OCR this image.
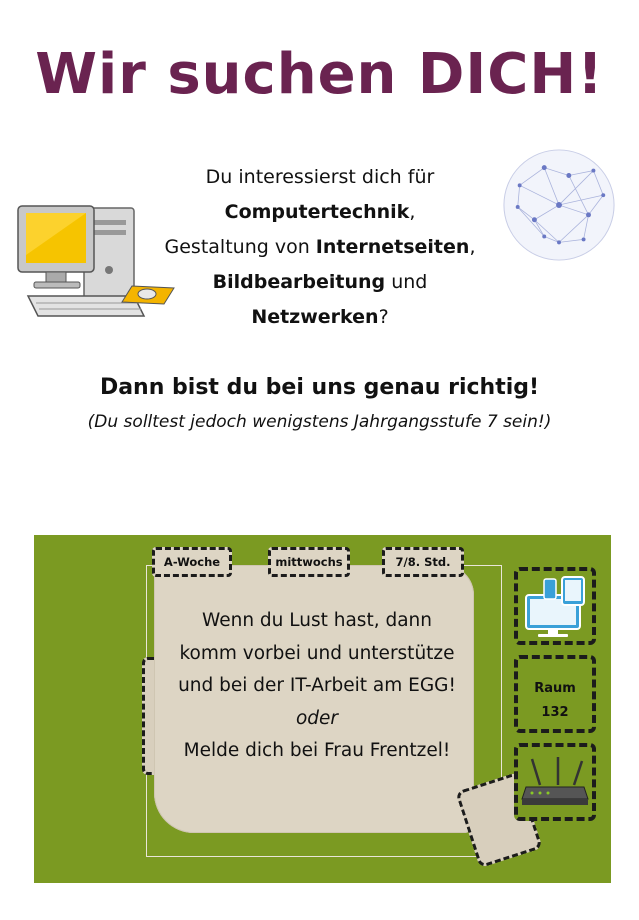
Wir suchen DICH!
Du interessierst dich für
Computertechnik,
Gestaltung von Internetseiten,
Bildbearbeitung und
Netzwerken?
Dann bist du bei uns genau richtig!
(Du solltest jedoch wenigstens Jahrgangsstufe 7 sein!)
A-Woche	mittwochs	7/8. Std.
Wenn du Lust hast, dann
komm vorbei und unterstütze
und bei der IT-Arbeit am EGG!
oder
Melde dich bei Frau Frentzel!
Raum
132
